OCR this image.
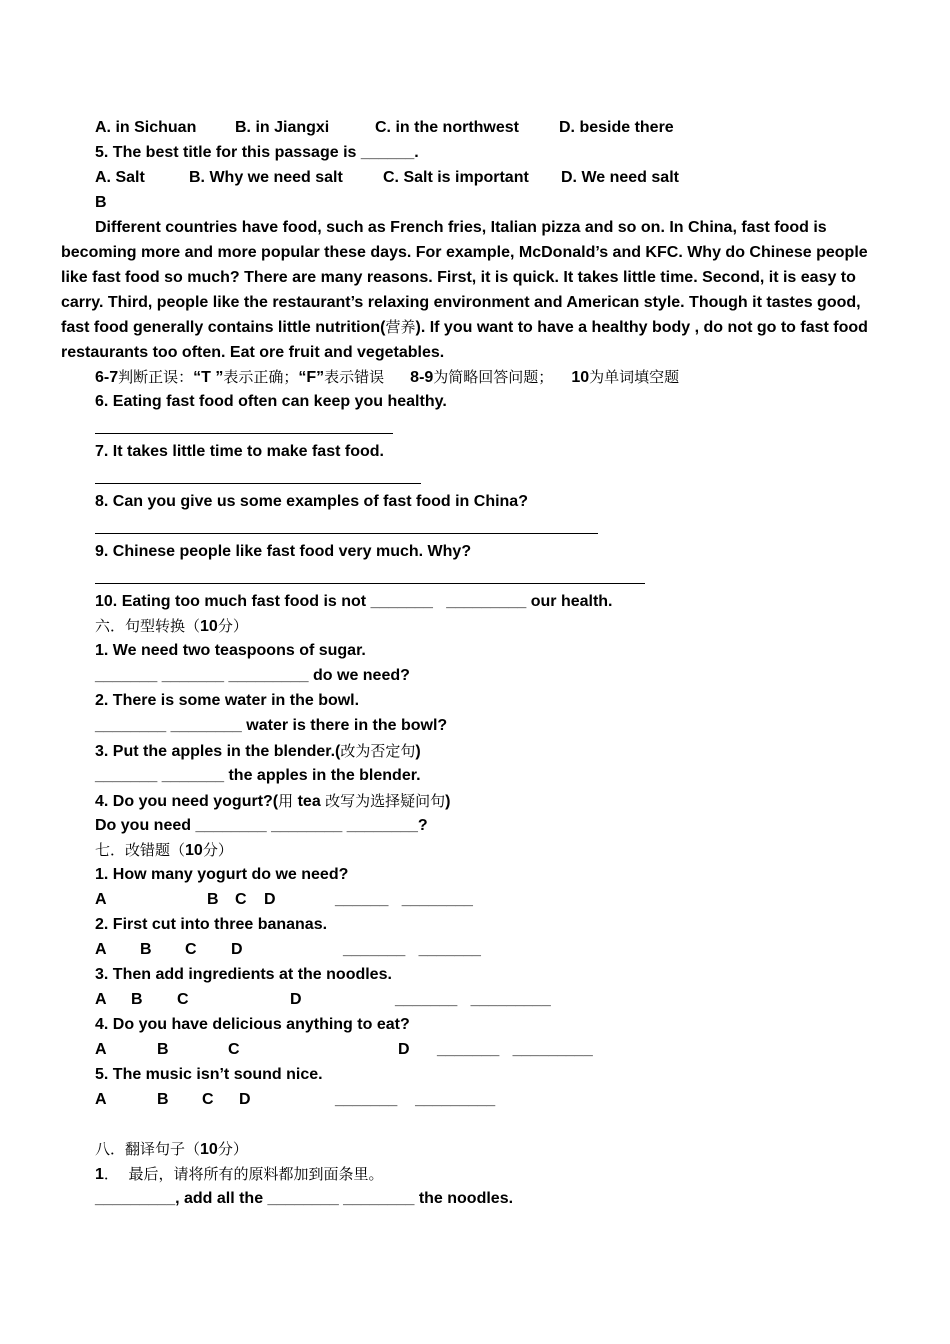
A. in Sichuan B. in Jiangxi	C. in the northwest	D. beside there
5. The best title for this passage is ______.
A. Salt	B. Why we need salt	C. Salt is important D. We need salt
B
Different countries have food, such as French fries, Italian pizza and so on. In China, fast food is becoming more and more popular these days. For example, McDonald’s and KFC. Why do Chinese people like fast food so much? There are many reasons. First, it is quick. It takes little time. Second, it is easy to carry. Third, people like the restaurant’s relaxing environment and American style. Though it tastes good, fast food generally contains little nutrition(营养). If you want to have a healthy body , do not go to fast food restaurants too often. Eat ore fruit and vegetables.
6-7判断正误：“T ”表示正确；“F”表示错误 8-9为简略回答问题； 10为单词填空题
6. Eating fast food often can keep you healthy.
7. It takes little time to make fast food.
8. Can you give us some examples of fast food in China?
9. Chinese people like fast food very much. Why?
10. Eating too much fast food is not _______   _________ our health.
六．句型转换（10分）
1. We need two teaspoons of sugar.
_______ _______ _________ do we need?
2. There is some water in the bowl.
________ ________ water is there in the bowl?
3. Put the apples in the blender.(改为否定句)
_______ _______ the apples in the blender.
4. Do you need yogurt?(用 tea 改写为选择疑问句)
Do you need ________ ________ ________?
七．改错题（10分）
1. How many yogurt do we need?
A	B C D	______   ________
2. First cut into three bananas.
A B C D	_______   _______
3. Then add ingredients at the noodles.
A B C	D	_______   _________
4. Do you have delicious anything to eat?
A	B	C	D _______   _________
5. The music isn’t sound nice.
A	B C D	_______    _________
八．翻译句子（10分）
1．  最后，请将所有的原料都加到面条里。
_________, add all the ________ ________ the noodles.
